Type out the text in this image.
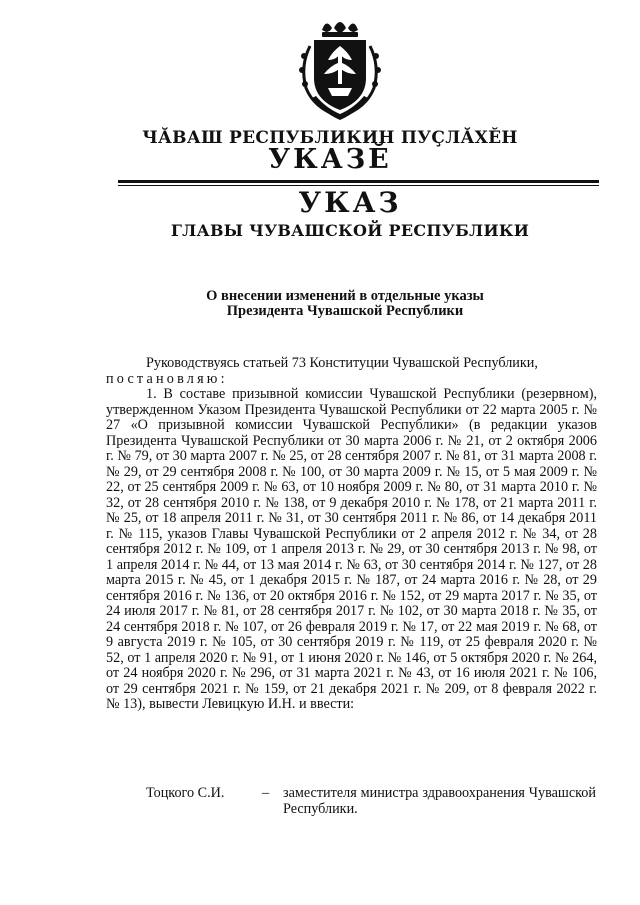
ЧӐВАШ РЕСПУБЛИКИН ПУҪЛӐХӖН
УКАЗӖ
УКАЗ
ГЛАВЫ ЧУВАШСКОЙ РЕСПУБЛИКИ
О внесении изменений в отдельные указы
Президента Чувашской Республики

Руководствуясь статьей 73 Конституции Чувашской Республики,

постановляю:

1. В составе призывной комиссии Чувашской Республики (резервном), утвержденном Указом Президента Чувашской Республики от 22 марта 2005 г. № 27 «О призывной комиссии Чувашской Республики» (в редакции указов Президента Чувашской Республики от 30 марта 2006 г. № 21, от 2 октября 2006 г. № 79, от 30 марта 2007 г. № 25, от 28 сентября 2007 г. № 81, от 31 марта 2008 г. № 29, от 29 сентября 2008 г. № 100, от 30 марта 2009 г. № 15, от 5 мая 2009 г. № 22, от 25 сентября 2009 г. № 63, от 10 ноября 2009 г. № 80, от 31 марта 2010 г. № 32, от 28 сентября 2010 г. № 138, от 9 декабря 2010 г. № 178, от 21 марта 2011 г. № 25, от 18 апреля 2011 г. № 31, от 30 сентября 2011 г. № 86, от 14 декабря 2011 г. № 115, указов Главы Чувашской Республики от 2 апреля 2012 г. № 34, от 28 сентября 2012 г. № 109, от 1 апреля 2013 г. № 29, от 30 сентября 2013 г. № 98, от 1 апреля 2014 г. № 44, от 13 мая 2014 г. № 63, от 30 сентября 2014 г. № 127, от 28 марта 2015 г. № 45, от 1 декабря 2015 г. № 187, от 24 марта 2016 г. № 28, от 29 сентября 2016 г. № 136, от 20 октября 2016 г. № 152, от 29 марта 2017 г. № 35, от 24 июля 2017 г. № 81, от 28 сентября 2017 г. № 102, от 30 марта 2018 г. № 35, от 24 сентября 2018 г. № 107, от 26 февраля 2019 г. № 17, от 22 мая 2019 г. № 68, от 9 августа 2019 г. № 105, от 30 сентября 2019 г. № 119, от 25 февраля 2020 г. № 52, от 1 апреля 2020 г. № 91, от 1 июня 2020 г. № 146, от 5 октября 2020 г. № 264, от 24 ноября 2020 г. № 296, от 31 марта 2021 г. № 43, от 16 июля 2021 г. № 106, от 29 сентября 2021 г. № 159, от 21 декабря 2021 г. № 209, от 8 февраля 2022 г. № 13), вывести Левицкую И.Н. и ввести:

Тоцкого С.И.	– заместителя министра здравоохранения Чувашской Республики.
